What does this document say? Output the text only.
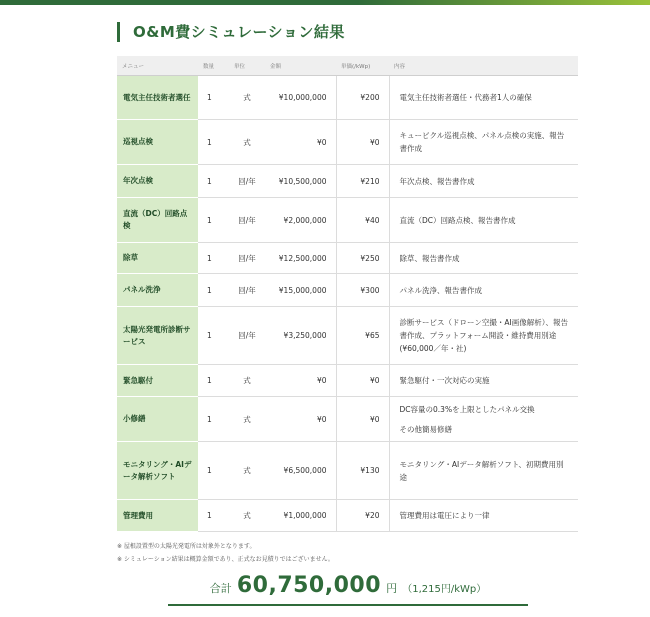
O&M費シミュレーション結果
メニュー	数量	単位	金額	単価(/kWp)	内容
電気主任技術者選任	1	式	¥10,000,000	¥200	電気主任技術者選任・代務者1人の確保
巡視点検	1	式	¥0	¥0	キュービクル巡視点検、パネル点検の実施、報告書作成
年次点検	1	回/年	¥10,500,000	¥210	年次点検、報告書作成
直流（DC）回路点検	1	回/年	¥2,000,000	¥40	直流（DC）回路点検、報告書作成
除草	1	回/年	¥12,500,000	¥250	除草、報告書作成
パネル洗浄	1	回/年	¥15,000,000	¥300	パネル洗浄、報告書作成
太陽光発電所診断サービス	1	回/年	¥3,250,000	¥65	診断サービス（ドローン空撮・AI画像解析）、報告書作成、プラットフォーム開設・維持費用別途(¥60,000／年・社)
緊急駆付	1	式	¥0	¥0	緊急駆付・一次対応の実施
小修繕	1	式	¥0	¥0	DC容量の0.3%を上限としたパネル交換
その他簡易修繕

モニタリング・AIデータ解析ソフト	1	式	¥6,500,000	¥130	モニタリング・AIデータ解析ソフト、初期費用別途
管理費用	1	式	¥1,000,000	¥20	管理費用は電圧により一律
※ 屋根設置型の太陽光発電所は対象外となります。
※ シミュレーション結果は概算金額であり、正式なお見積りではございません。
合計 60,750,000 円 （1,215円/kWp）
